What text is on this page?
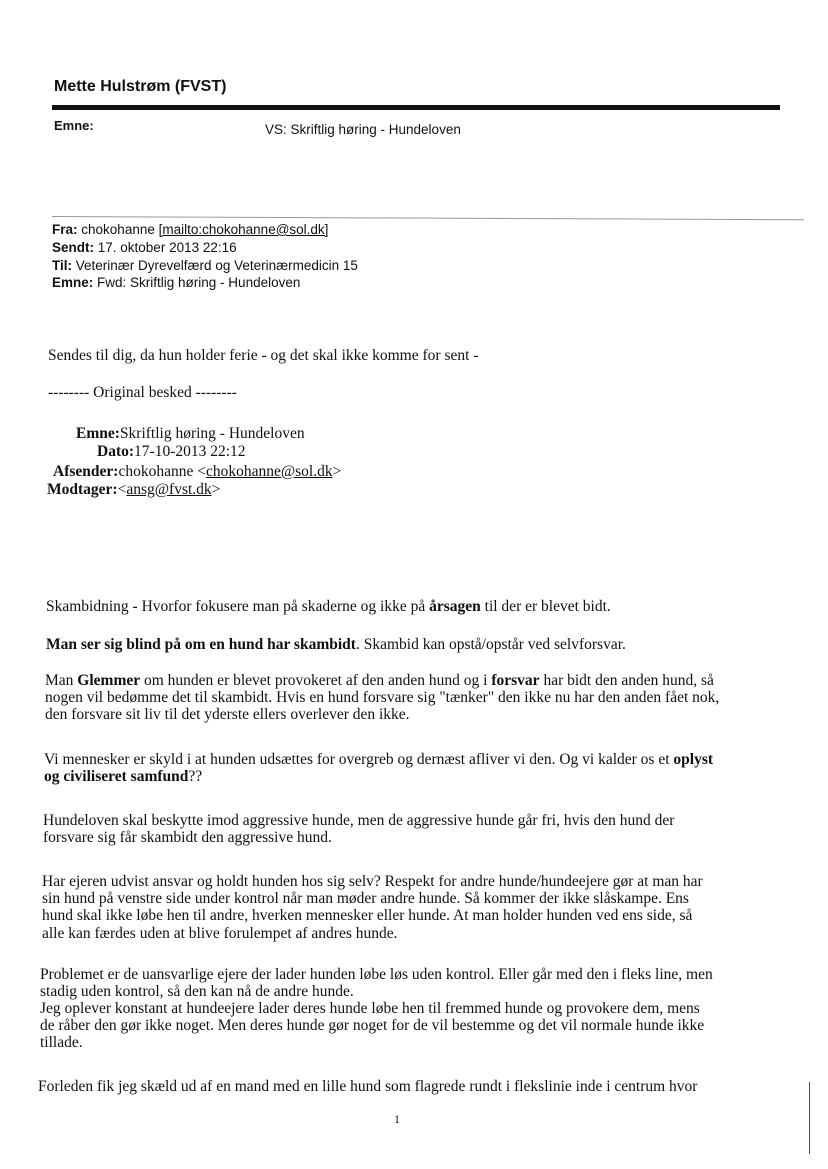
Mette Hulstrøm (FVST)
Emne:	VS: Skriftlig høring - Hundeloven
Fra: chokohanne [mailto:chokohanne@sol.dk]
Sendt: 17. oktober 2013 22:16
Til: Veterinær Dyrevelfærd og Veterinærmedicin 15
Emne: Fwd: Skriftlig høring - Hundeloven
Sendes til dig, da hun holder ferie - og det skal ikke komme for sent -
-------- Original besked --------
Emne:Skriftlig høring - Hundeloven
Dato:17-10-2013 22:12
Afsender:chokohanne <chokohanne@sol.dk>
Modtager:<ansg@fvst.dk>
Skambidning - Hvorfor fokusere man på skaderne og ikke på årsagen til der er blevet bidt.
Man ser sig blind på om en hund har skambidt. Skambid kan opstå/opstår ved selvforsvar.
Man Glemmer om hunden er blevet provokeret af den anden hund og i forsvar har bidt den anden hund, så
nogen vil bedømme det til skambidt. Hvis en hund forsvare sig "tænker" den ikke nu har den anden fået nok,
den forsvare sit liv til det yderste ellers overlever den ikke.
Vi mennesker er skyld i at hunden udsættes for overgreb og dernæst afliver vi den. Og vi kalder os et oplyst
og civiliseret samfund??
Hundeloven skal beskytte imod aggressive hunde, men de aggressive hunde går fri, hvis den hund der
forsvare sig får skambidt den aggressive hund.
Har ejeren udvist ansvar og holdt hunden hos sig selv? Respekt for andre hunde/hundeejere gør at man har
sin hund på venstre side under kontrol når man møder andre hunde. Så kommer der ikke slåskampe. Ens
hund skal ikke løbe hen til andre, hverken mennesker eller hunde. At man holder hunden ved ens side, så
alle kan færdes uden at blive forulempet af andres hunde.
Problemet er de uansvarlige ejere der lader hunden løbe løs uden kontrol. Eller går med den i fleks line, men
stadig uden kontrol, så den kan nå de andre hunde.
Jeg oplever konstant at hundeejere lader deres hunde løbe hen til fremmed hunde og provokere dem, mens
de råber den gør ikke noget. Men deres hunde gør noget for de vil bestemme og det vil normale hunde ikke
tillade.
Forleden fik jeg skæld ud af en mand med en lille hund som flagrede rundt i flekslinie inde i centrum hvor
1
